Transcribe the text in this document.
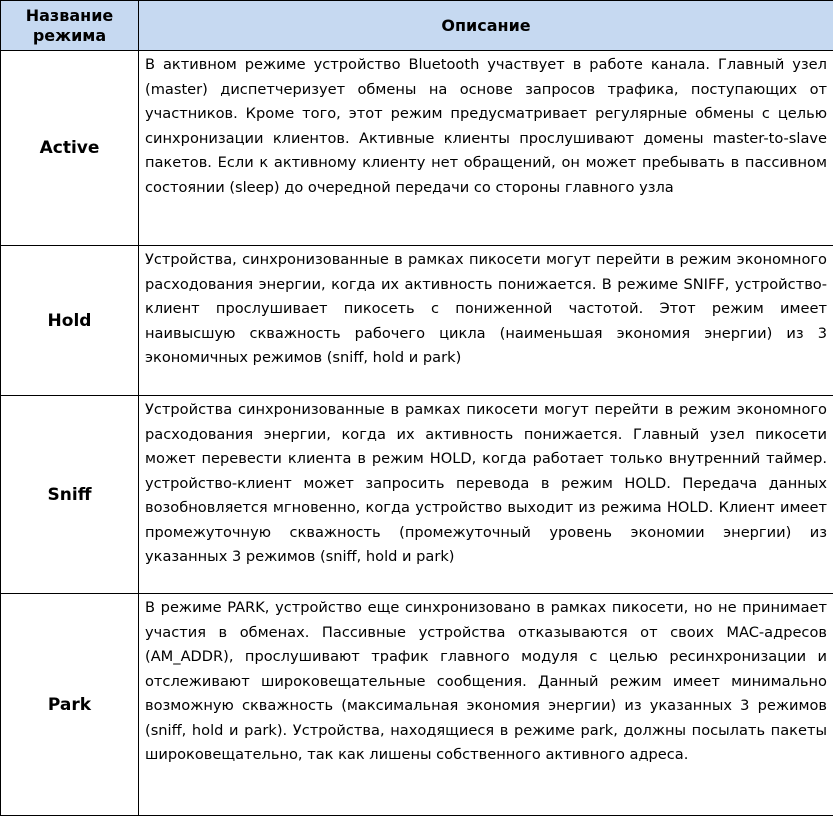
Название режима	Описание
Active	В активном режиме устройство Bluetooth участвует в работе канала. Главный узел (master) диспетчеризует обмены на основе запросов трафика, поступающих от участников. Кроме того, этот режим предусматривает регулярные обмены с целью синхронизации клиентов. Активные клиенты прослушивают домены master-to-slave пакетов. Если к активному клиенту нет обращений, он может пребывать в пассивном состоянии (sleep) до очередной передачи со стороны главного узла
Hold	Устройства, синхронизованные в рамках пикосети могут перейти в режим экономного расходования энергии, когда их активность понижается. В режиме SNIFF, устройство-клиент прослушивает пикосеть с пониженной частотой. Этот режим имеет наивысшую скважность рабочего цикла (наименьшая экономия энергии) из 3 экономичных режимов (sniff, hold и park)
Sniff	Устройства синхронизованные в рамках пикосети могут перейти в режим экономного расходования энергии, когда их активность понижается. Главный узел пикосети может перевести клиента в режим HOLD, когда работает только внутренний таймер. устройство-клиент может запросить перевода в режим HOLD. Передача данных возобновляется мгновенно, когда устройство выходит из режима HOLD. Клиент имеет промежуточную скважность (промежуточный уровень экономии энергии) из указанных 3 режимов (sniff, hold и park)
Park	В режиме PARK, устройство еще синхронизовано в рамках пикосети, но не принимает участия в обменах. Пассивные устройства отказываются от своих MAC-адресов (AM_ADDR), прослушивают трафик главного модуля с целью ресинхронизации и отслеживают широковещательные сообщения. Данный режим имеет минимально возможную скважность (максимальная экономия энергии) из указанных 3 режимов (sniff, hold и park). Устройства, находящиеся в режиме park, должны посылать пакеты широковещательно, так как лишены собственного активного адреса.
